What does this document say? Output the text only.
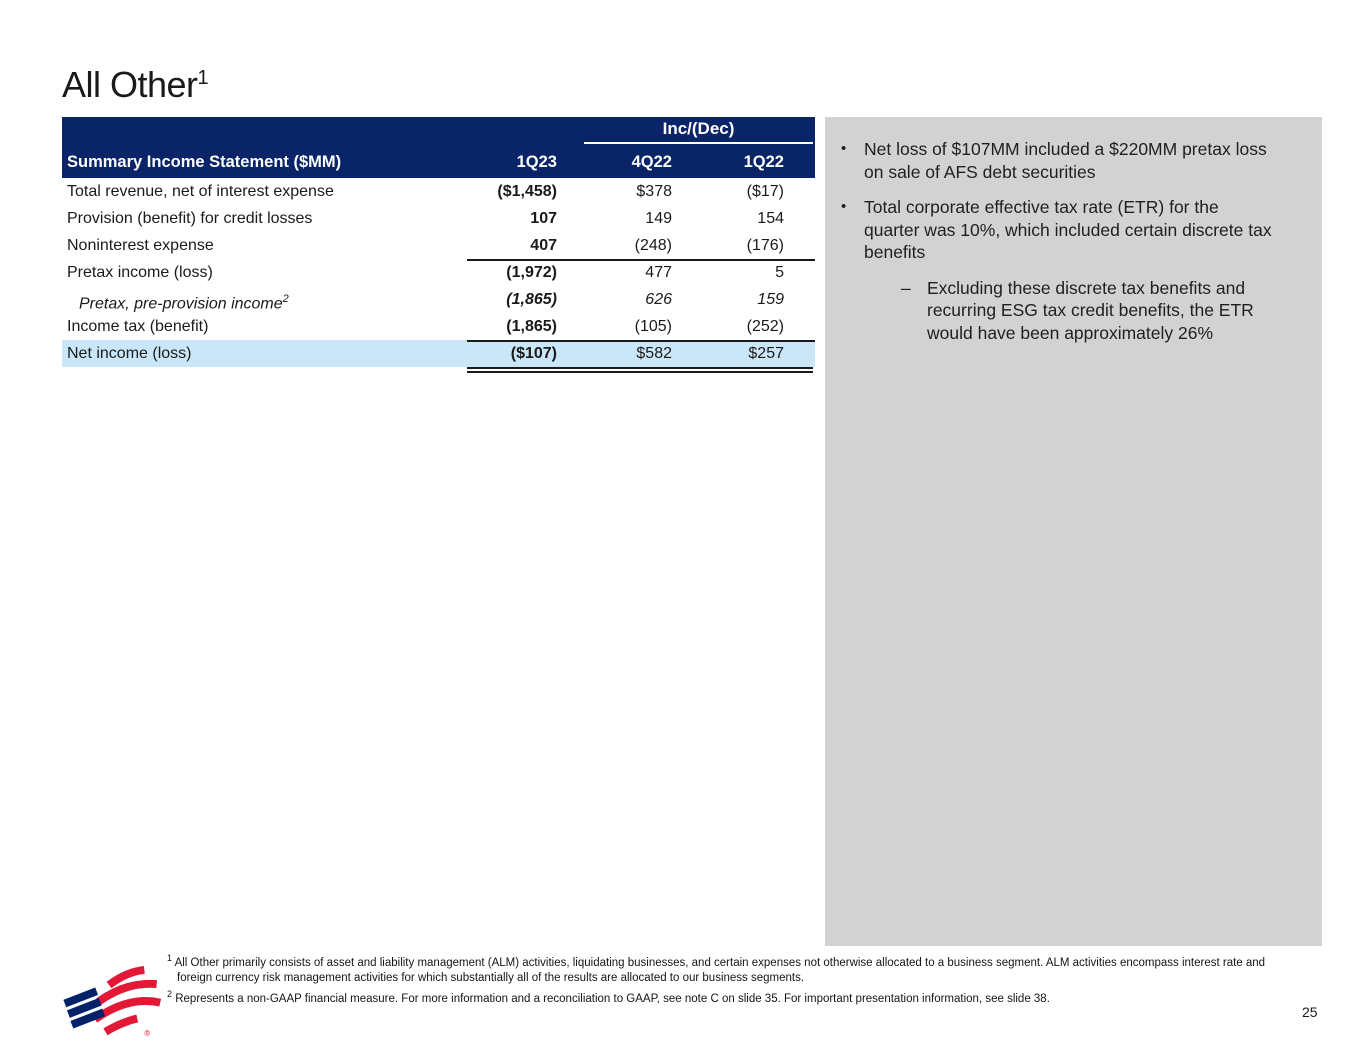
All Other$^1$
Inc/(Dec)
Summary Income Statement ($MM)	1Q23	4Q22	1Q22
Total revenue, net of interest expense	($1,458)	$378	($17)
Provision (benefit) for credit losses	107	149	154
Noninterest expense	407	(248)	(176)
Pretax income (loss)	(1,972)	477	5
Pretax, pre-provision income$^2$	(1,865)	626	159
Income tax (benefit)	(1,865)	(105)	(252)
Net income (loss)	($107)	$582	$257
•	Net loss of $107MM included a $220MM pretax loss
on sale of AFS debt securities
•	Total corporate effective tax rate (ETR) for the
quarter was 10%, which included certain discrete tax
benefits
– Excluding these discrete tax benefits and
recurring ESG tax credit benefits, the ETR
would have been approximately 26%
$^1$ All Other primarily consists of asset and liability management (ALM) activities, liquidating businesses, and certain expenses not otherwise allocated to a business segment. ALM activities encompass interest rate and
foreign currency risk management activities for which substantially all of the results are allocated to our business segments.
$^2$ Represents a non-GAAP financial measure. For more information and a reconciliation to GAAP, see note C on slide 35. For important presentation information, see slide 38.
®
25
